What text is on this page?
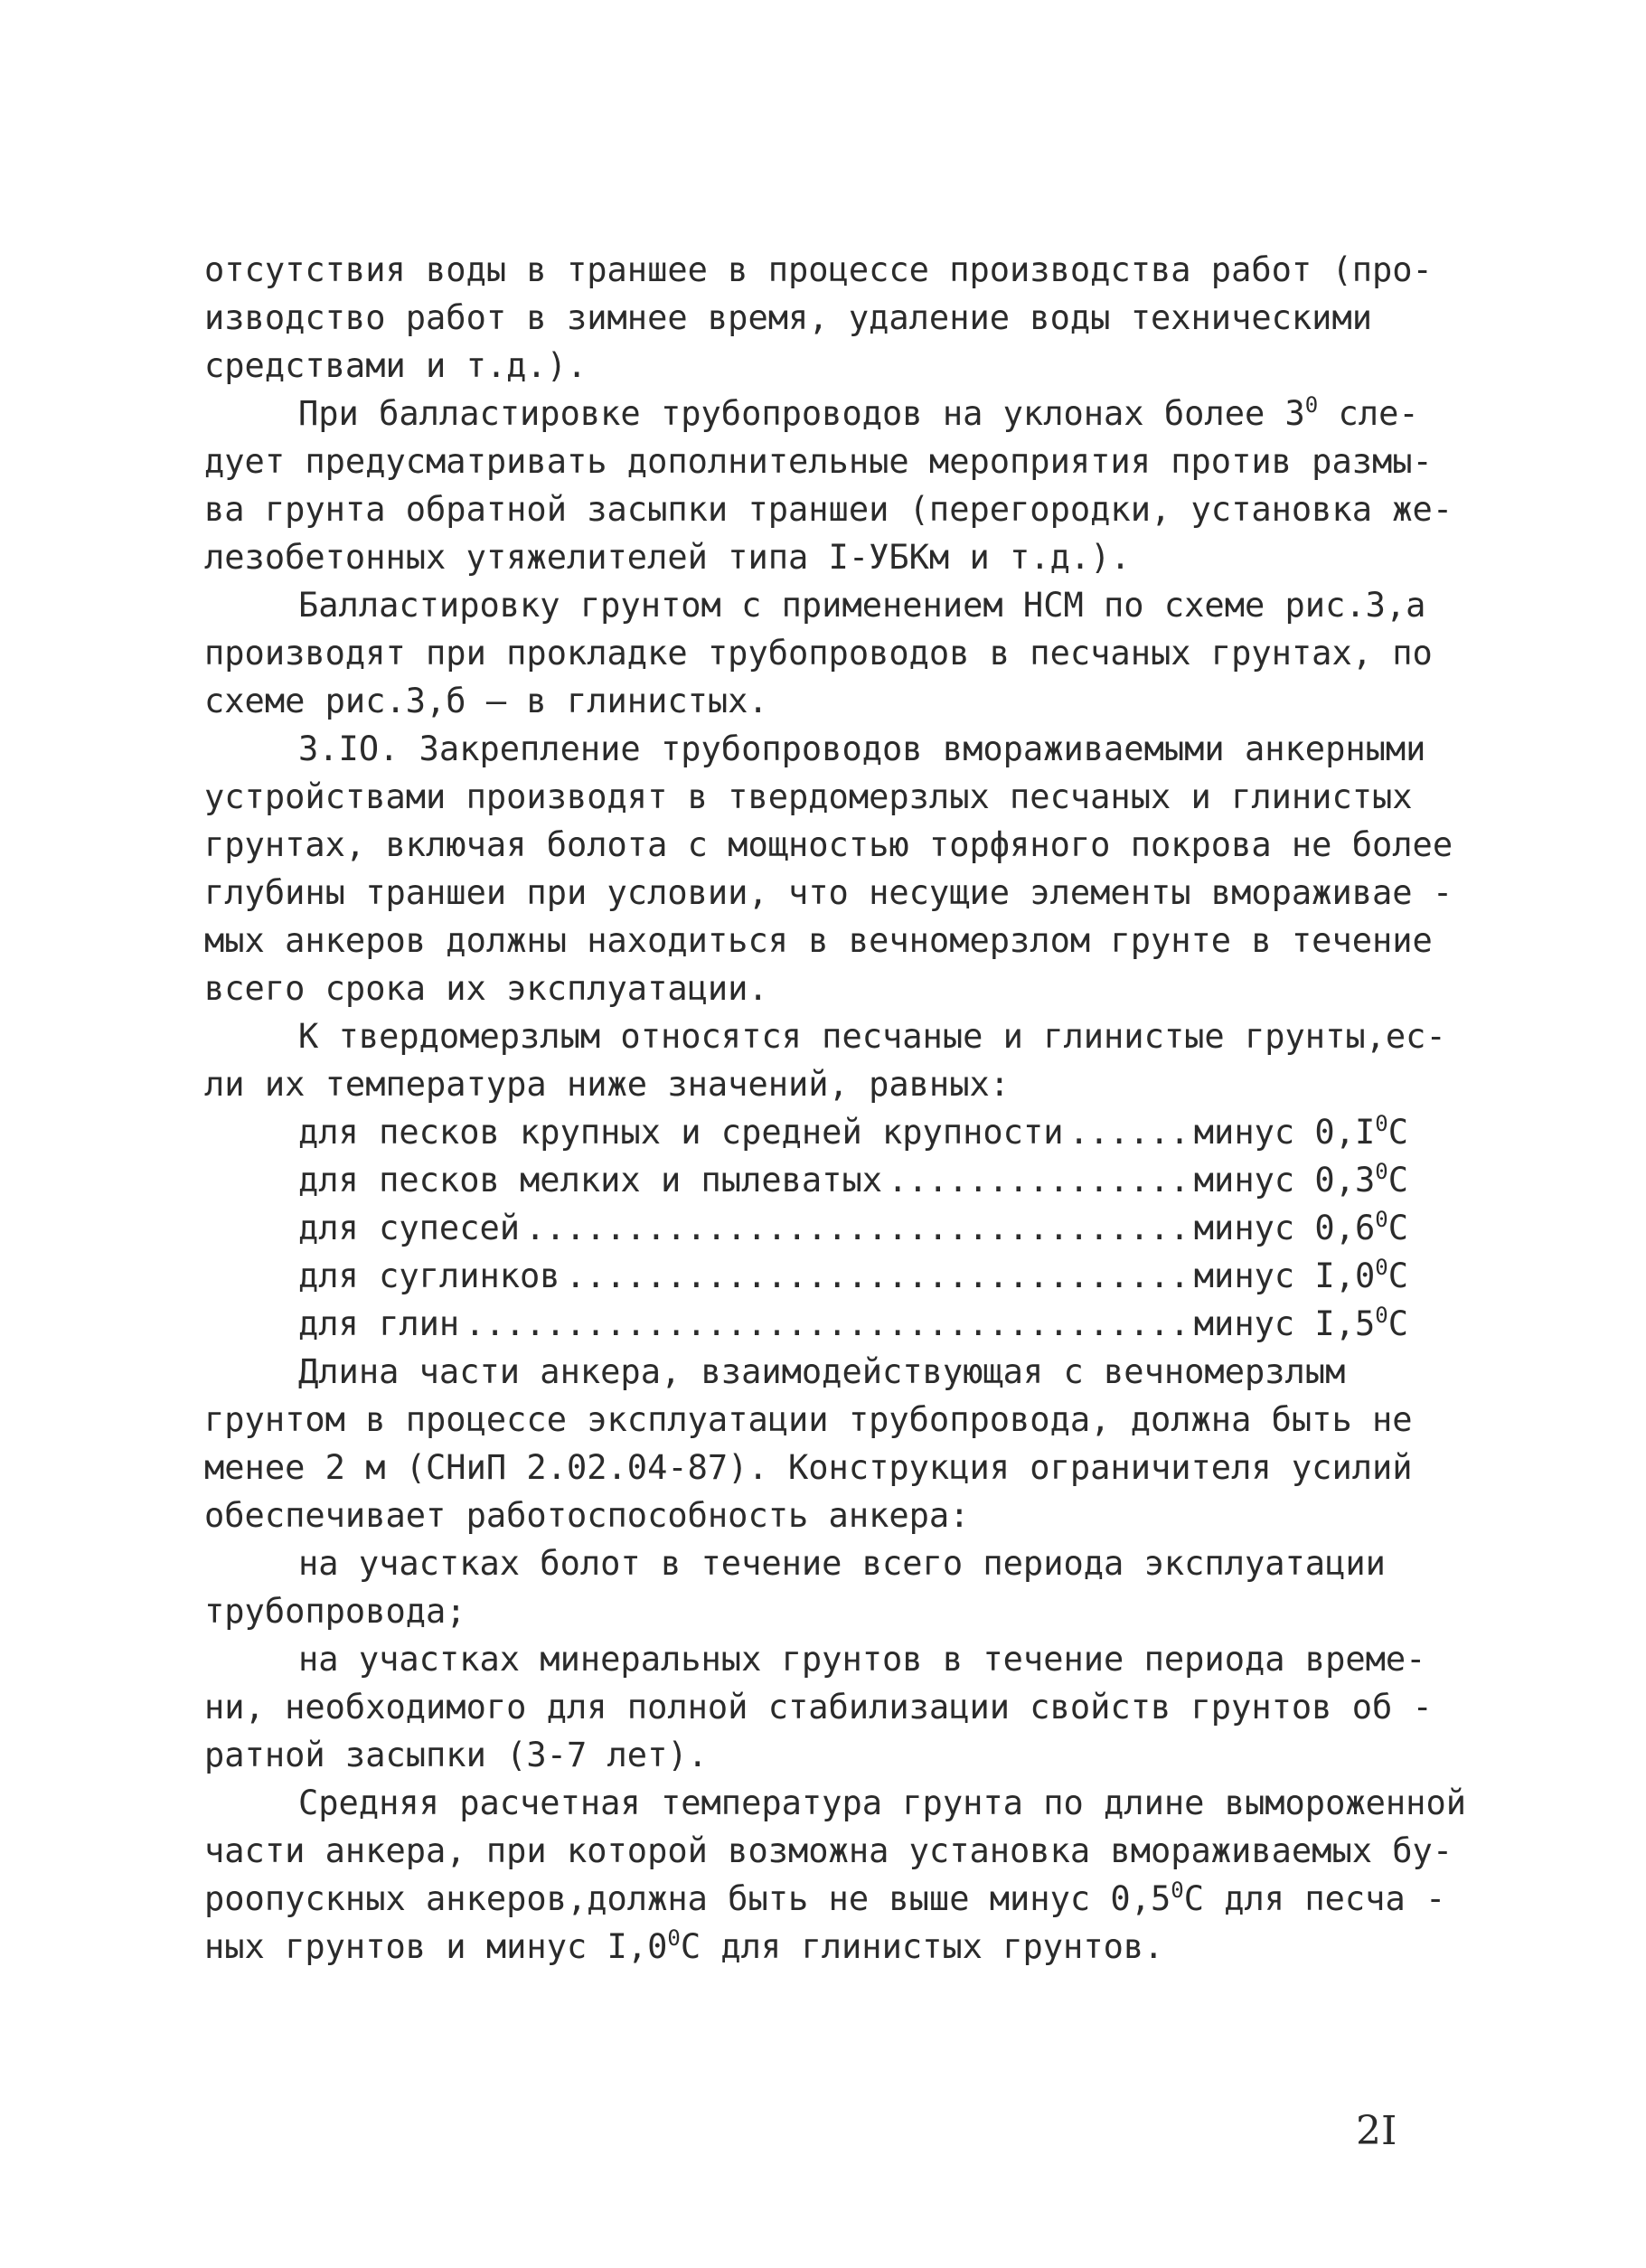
отсутствия воды в траншее в процессе производства работ (про-
изводство работ в зимнее время, удаление воды техническими
средствами и т.д.).
При балластировке трубопроводов на уклонах более $3^0$ сле-
дует предусматривать дополнительные мероприятия против размы-
ва грунта обратной засыпки траншеи (перегородки, установка же-
лезобетонных утяжелителей типа I-УБКм и т.д.).
Балластировку грунтом с применением НСМ по схеме рис.3,а
производят при прокладке трубопроводов в песчаных грунтах, по
схеме рис.3,б – в глинистых.
3.IO. Закрепление трубопроводов вмораживаемыми анкерными
устройствами производят в твердомерзлых песчаных и глинистых
грунтах, включая болота с мощностью торфяного покрова не более
глубины траншеи при условии, что несущие элементы вмораживае -
мых анкеров должны находиться в вечномерзлом грунте в течение
всего срока их эксплуатации.
К твердомерзлым относятся песчаные и глинистые грунты,ес-
ли их температура ниже значений, равных:
для песков крупных и средней крупности .....	минус $0,I^0C$
для песков мелких и пылеватых .....	минус $0,3^0C$
для супесей .....	минус $0,6^0C$
для суглинков .....	минус $I,0^0C$
для глин .....	минус $I,5^0C$
Длина части анкера, взаимодействующая с вечномерзлым
грунтом в процессе эксплуатации трубопровода, должна быть не
менее 2 м (СНиП 2.02.04-87). Конструкция ограничителя усилий
обеспечивает работоспособность анкера:
на участках болот в течение всего периода эксплуатации
трубопровода;
на участках минеральных грунтов в течение периода време-
ни, необходимого для полной стабилизации свойств грунтов об -
ратной засыпки (3-7 лет).
Средняя расчетная температура грунта по длине вымороженной
части анкера, при которой возможна установка вмораживаемых бу-
роопускных анкеров,должна быть не выше минус $0,5^0С$ для песча -
ных грунтов и минус $I,0^0С$ для глинистых грунтов.
2I
